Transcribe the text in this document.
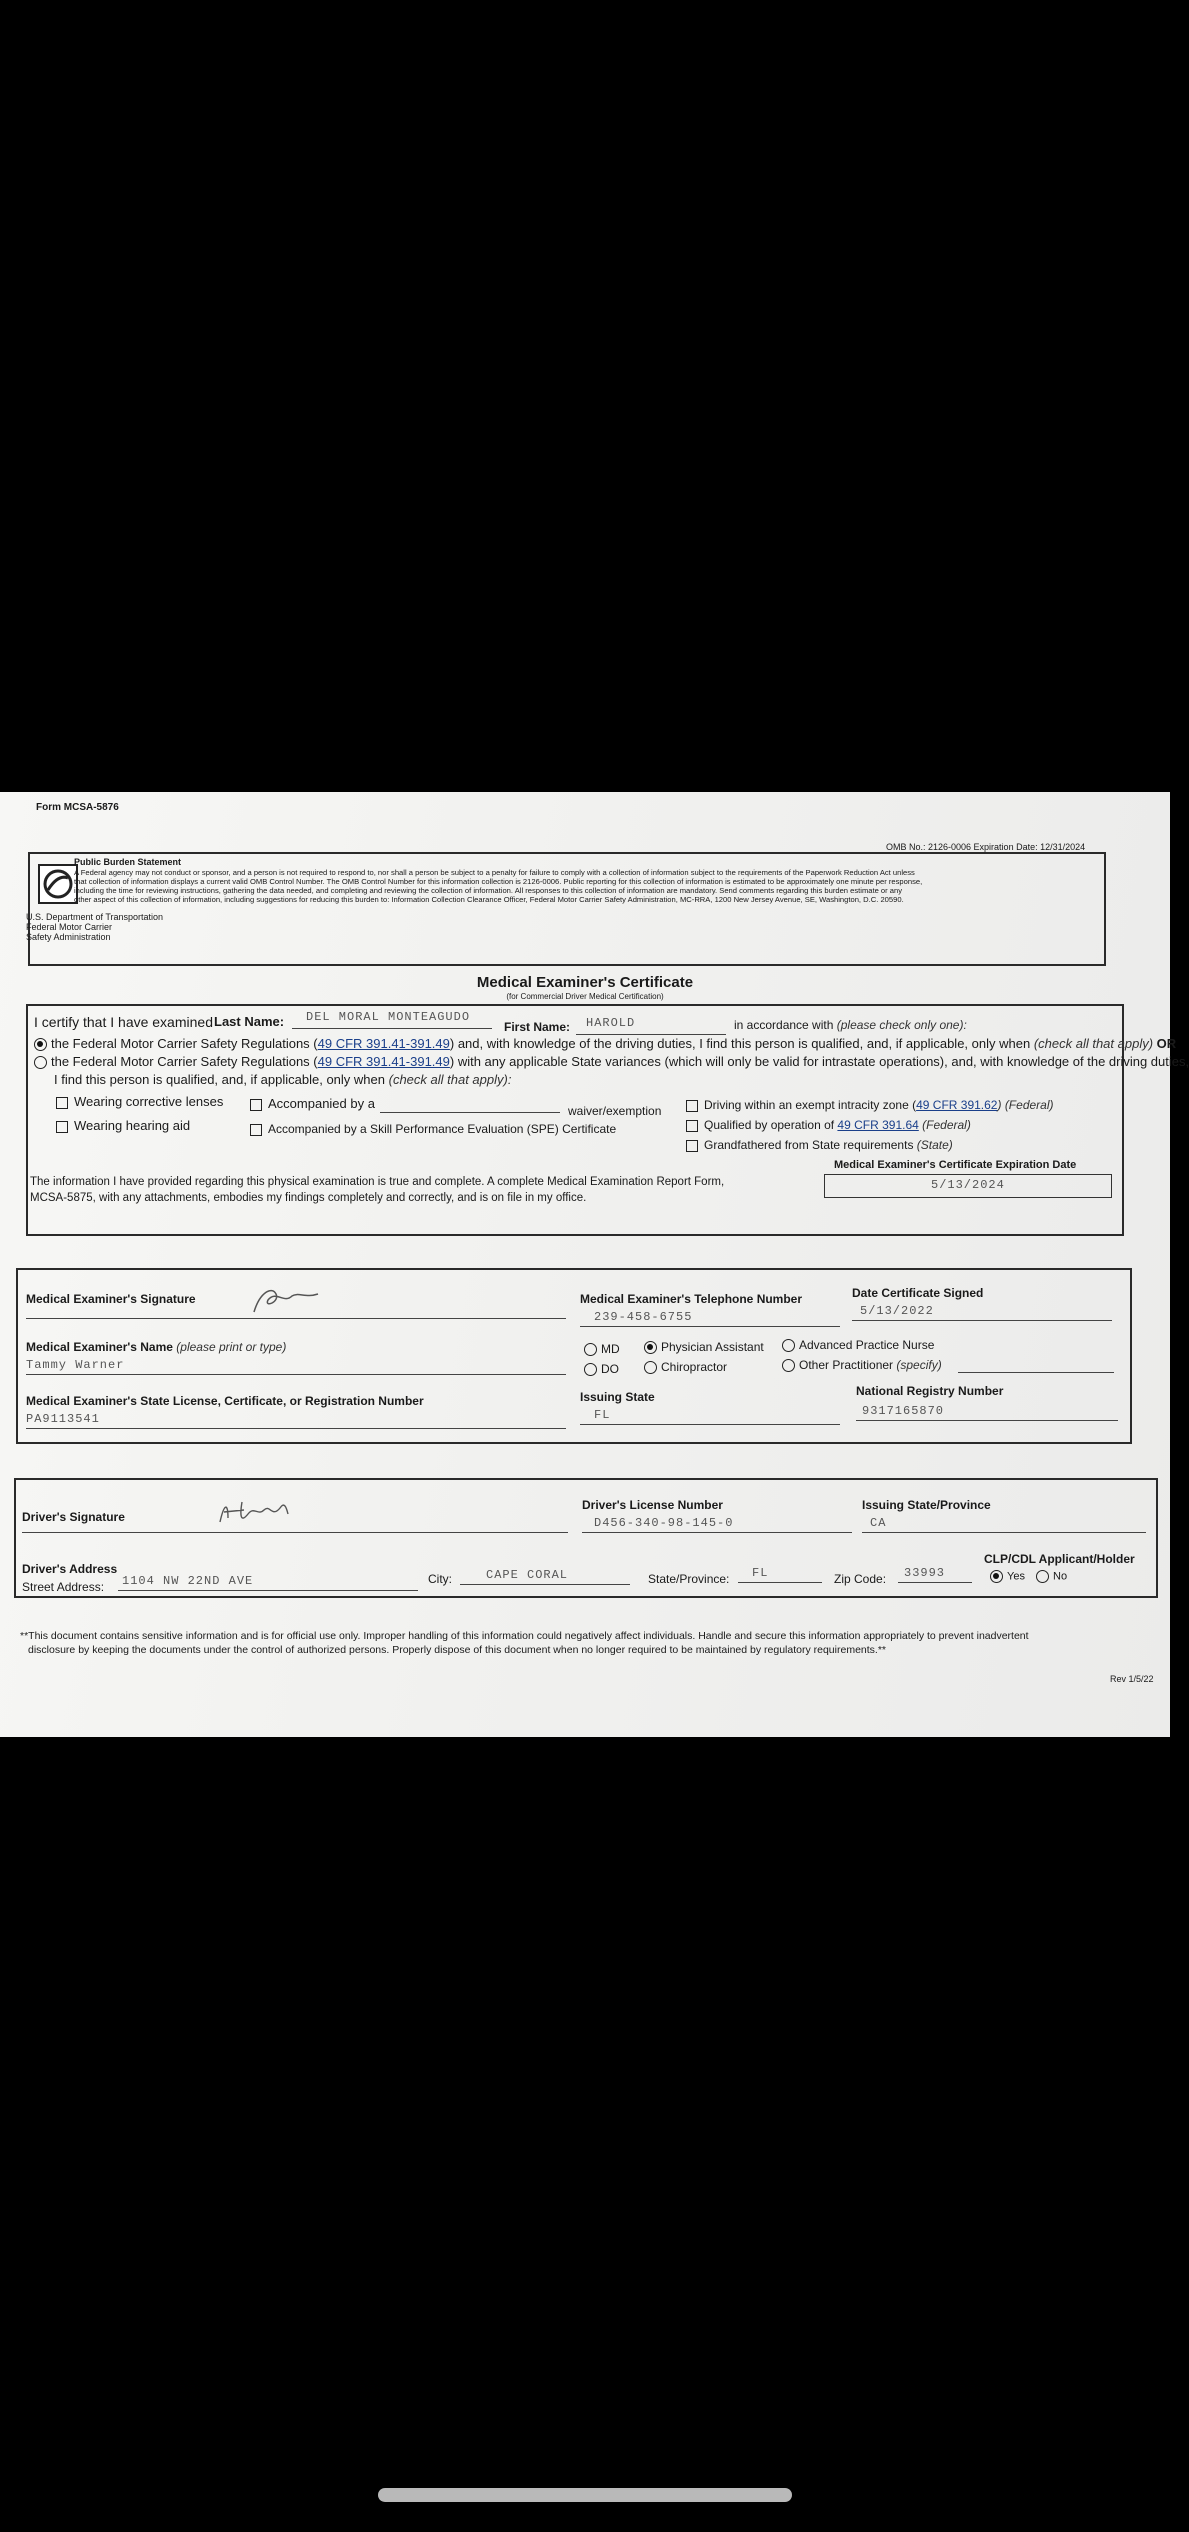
Form MCSA-5876
OMB No.: 2126-0006 Expiration Date: 12/31/2024
Public Burden Statement
A Federal agency may not conduct or sponsor, and a person is not required to respond to, nor shall a person be subject to a penalty for failure to comply with a collection of information subject to the requirements of the Paperwork Reduction Act unless
that collection of information displays a current valid OMB Control Number. The OMB Control Number for this information collection is 2126-0006. Public reporting for this collection of information is estimated to be approximately one minute per response,
including the time for reviewing instructions, gathering the data needed, and completing and reviewing the collection of information. All responses to this collection of information are mandatory. Send comments regarding this burden estimate or any
other aspect of this collection of information, including suggestions for reducing this burden to: Information Collection Clearance Officer, Federal Motor Carrier Safety Administration, MC-RRA, 1200 New Jersey Avenue, SE, Washington, D.C. 20590.
U.S. Department of Transportation
Federal Motor Carrier
Safety Administration
Medical Examiner's Certificate
(for Commercial Driver Medical Certification)
I certify that I have examined Last Name: DEL MORAL MONTEAGUDO
First Name: HAROLD	in accordance with (please check only one):
the Federal Motor Carrier Safety Regulations (49 CFR 391.41-391.49) and, with knowledge of the driving duties, I find this person is qualified, and, if applicable, only when (check all that apply) OR
the Federal Motor Carrier Safety Regulations (49 CFR 391.41-391.49) with any applicable State variances (which will only be valid for intrastate operations), and, with knowledge of the driving duties,
I find this person is qualified, and, if applicable, only when (check all that apply):
Wearing corrective lenses
Wearing hearing aid
Accompanied by a	waiver/exemption
Accompanied by a Skill Performance Evaluation (SPE) Certificate
Driving within an exempt intracity zone (49 CFR 391.62) (Federal)
Qualified by operation of 49 CFR 391.64 (Federal)
Grandfathered from State requirements (State)
Medical Examiner's Certificate Expiration Date
5/13/2024
The information I have provided regarding this physical examination is true and complete. A complete Medical Examination Report Form,
MCSA-5875, with any attachments, embodies my findings completely and correctly, and is on file in my office.
Medical Examiner's Signature	Medical Examiner's Telephone Number
239-458-6755
Date Certificate Signed
5/13/2022
Medical Examiner's Name (please print or type)
Tammy Warner
MD
DO
Physician Assistant
Chiropractor
Advanced Practice Nurse
Other Practitioner (specify)
Medical Examiner's State License, Certificate, or Registration Number
PA9113541
Issuing State
FL
National Registry Number
9317165870
Driver's Signature
Driver's License Number
D456-340-98-145-0
Issuing State/Province
CA
Driver's Address
Street Address: 1104 NW 22ND AVE	City:	CAPE CORAL	State/Province: FL	Zip Code: 33993
CLP/CDL Applicant/Holder
Yes	No
**This document contains sensitive information and is for official use only. Improper handling of this information could negatively affect individuals. Handle and secure this information appropriately to prevent inadvertent
disclosure by keeping the documents under the control of authorized persons. Properly dispose of this document when no longer required to be maintained by regulatory requirements.**
Rev 1/5/22
